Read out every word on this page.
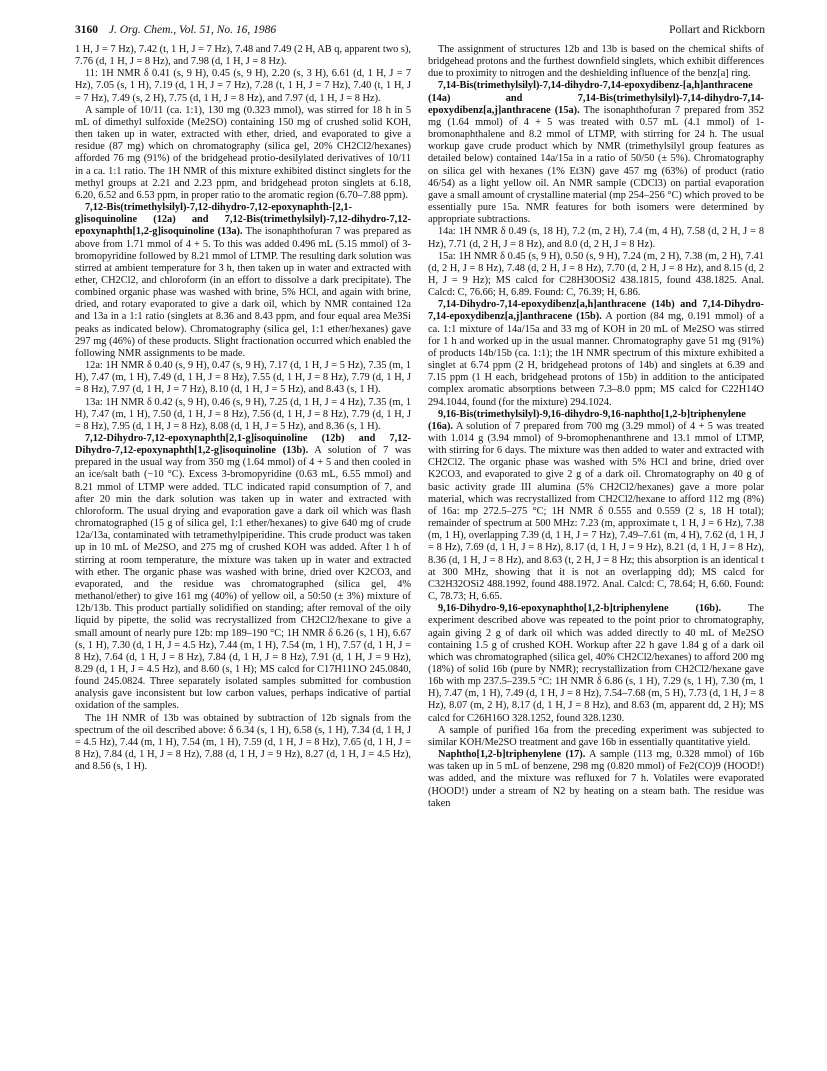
3160 J. Org. Chem., Vol. 51, No. 16, 1986	Pollart and Rickborn

1 H, J = 7 Hz), 7.42 (t, 1 H, J = 7 Hz), 7.48 and 7.49 (2 H, AB q, apparent two s), 7.76 (d, 1 H, J = 8 Hz), and 7.98 (d, 1 H, J = 8 Hz).

11: 1H NMR δ 0.41 (s, 9 H), 0.45 (s, 9 H), 2.20 (s, 3 H), 6.61 (d, 1 H, J = 7 Hz), 7.05 (s, 1 H), 7.19 (d, 1 H, J = 7 Hz), 7.28 (t, 1 H, J = 7 Hz), 7.40 (t, 1 H, J = 7 Hz), 7.49 (s, 2 H), 7.75 (d, 1 H, J = 8 Hz), and 7.97 (d, 1 H, J = 8 Hz).

A sample of 10/11 (ca. 1:1), 130 mg (0.323 mmol), was stirred for 18 h in 5 mL of dimethyl sulfoxide (Me2SO) containing 150 mg of crushed solid KOH, then taken up in water, extracted with ether, dried, and evaporated to give a residue (87 mg) which on chromatography (silica gel, 20% CH2Cl2/hexanes) afforded 76 mg (91%) of the bridgehead protio-desilylated derivatives of 10/11 in a ca. 1:1 ratio. The 1H NMR of this mixture exhibited distinct singlets for the methyl groups at 2.21 and 2.23 ppm, and bridgehead proton singlets at 6.18, 6.20, 6.52 and 6.53 ppm, in proper ratio to the aromatic region (6.70–7.88 ppm).

7,12-Bis(trimethylsilyl)-7,12-dihydro-7,12-epoxynaphth-[2,1-g]isoquinoline (12a) and 7,12-Bis(trimethylsilyl)-7,12-dihydro-7,12-epoxynaphth[1,2-g]isoquinoline (13a). The isonaphthofuran 7 was prepared as above from 1.71 mmol of 4 + 5. To this was added 0.496 mL (5.15 mmol) of 3-bromopyridine followed by 8.21 mmol of LTMP. The resulting dark solution was stirred at ambient temperature for 3 h, then taken up in water and extracted with ether, CH2Cl2, and chloroform (in an effort to dissolve a dark precipitate). The combined organic phase was washed with brine, 5% HCl, and again with brine, dried, and rotary evaporated to give a dark oil, which by NMR contained 12a and 13a in a 1:1 ratio (singlets at 8.36 and 8.43 ppm, and four equal area Me3Si peaks as indicated below). Chromatography (silica gel, 1:1 ether/hexanes) gave 297 mg (46%) of these products. Slight fractionation occurred which enabled the following NMR assignments to be made.

12a: 1H NMR δ 0.40 (s, 9 H), 0.47 (s, 9 H), 7.17 (d, 1 H, J = 5 Hz), 7.35 (m, 1 H), 7.47 (m, 1 H), 7.49 (d, 1 H, J = 8 Hz), 7.55 (d, 1 H, J = 8 Hz), 7.79 (d, 1 H, J = 8 Hz), 7.97 (d, 1 H, J = 7 Hz), 8.10 (d, 1 H, J = 5 Hz), and 8.43 (s, 1 H).

13a: 1H NMR δ 0.42 (s, 9 H), 0.46 (s, 9 H), 7.25 (d, 1 H, J = 4 Hz), 7.35 (m, 1 H), 7.47 (m, 1 H), 7.50 (d, 1 H, J = 8 Hz), 7.56 (d, 1 H, J = 8 Hz), 7.79 (d, 1 H, J = 8 Hz), 7.95 (d, 1 H, J = 8 Hz), 8.08 (d, 1 H, J = 5 Hz), and 8.36 (s, 1 H).

7,12-Dihydro-7,12-epoxynaphth[2,1-g]isoquinoline (12b) and 7,12-Dihydro-7,12-epoxynaphth[1,2-g]isoquinoline (13b). A solution of 7 was prepared in the usual way from 350 mg (1.64 mmol) of 4 + 5 and then cooled in an ice/salt bath (−10 °C). Excess 3-bromopyridine (0.63 mL, 6.55 mmol) and 8.21 mmol of LTMP were added. TLC indicated rapid consumption of 7, and after 20 min the dark solution was taken up in water and extracted with chloroform. The usual drying and evaporation gave a dark oil which was flash chromatographed (15 g of silica gel, 1:1 ether/hexanes) to give 640 mg of crude 12a/13a, contaminated with tetramethylpiperidine. This crude product was taken up in 10 mL of Me2SO, and 275 mg of crushed KOH was added. After 1 h of stirring at room temperature, the mixture was taken up in water and extracted with ether. The organic phase was washed with brine, dried over K2CO3, and evaporated, and the residue was chromatographed (silica gel, 4% methanol/ether) to give 161 mg (40%) of yellow oil, a 50:50 (± 3%) mixture of 12b/13b. This product partially solidified on standing; after removal of the oily liquid by pipette, the solid was recrystallized from CH2Cl2/hexane to give a small amount of nearly pure 12b: mp 189–190 °C; 1H NMR δ 6.26 (s, 1 H), 6.67 (s, 1 H), 7.30 (d, 1 H, J = 4.5 Hz), 7.44 (m, 1 H), 7.54 (m, 1 H), 7.57 (d, 1 H, J = 8 Hz), 7.64 (d, 1 H, J = 8 Hz), 7.84 (d, 1 H, J = 8 Hz), 7.91 (d, 1 H, J = 9 Hz), 8.29 (d, 1 H, J = 4.5 Hz), and 8.60 (s, 1 H); MS calcd for C17H11NO 245.0840, found 245.0824. Three separately isolated samples submitted for combustion analysis gave inconsistent but low carbon values, perhaps indicative of partial oxidation of the samples.

The 1H NMR of 13b was obtained by subtraction of 12b signals from the spectrum of the oil described above: δ 6.34 (s, 1 H), 6.58 (s, 1 H), 7.34 (d, 1 H, J = 4.5 Hz), 7.44 (m, 1 H), 7.54 (m, 1 H), 7.59 (d, 1 H, J = 8 Hz), 7.65 (d, 1 H, J = 8 Hz), 7.84 (d, 1 H, J = 8 Hz), 7.88 (d, 1 H, J = 9 Hz), 8.27 (d, 1 H, J = 4.5 Hz), and 8.56 (s, 1 H).

The assignment of structures 12b and 13b is based on the chemical shifts of bridgehead protons and the furthest downfield singlets, which exhibit differences due to proximity to nitrogen and the deshielding influence of the benz[a] ring.

7,14-Bis(trimethylsilyl)-7,14-dihydro-7,14-epoxydibenz-[a,h]anthracene (14a) and 7,14-Bis(trimethylsilyl)-7,14-dihydro-7,14-epoxydibenz[a,j]anthracene (15a). The isonaphthofuran 7 prepared from 352 mg (1.64 mmol) of 4 + 5 was treated with 0.57 mL (4.1 mmol) of 1-bromonaphthalene and 8.2 mmol of LTMP, with stirring for 24 h. The usual workup gave crude product which by NMR (trimethylsilyl group features as detailed below) contained 14a/15a in a ratio of 50/50 (± 5%). Chromatography on silica gel with hexanes (1% Et3N) gave 457 mg (63%) of product (ratio 46/54) as a light yellow oil. An NMR sample (CDCl3) on partial evaporation gave a small amount of crystalline material (mp 254–256 °C) which proved to be essentially pure 15a. NMR features for both isomers were determined by appropriate subtractions.

14a: 1H NMR δ 0.49 (s, 18 H), 7.2 (m, 2 H), 7.4 (m, 4 H), 7.58 (d, 2 H, J = 8 Hz), 7.71 (d, 2 H, J = 8 Hz), and 8.0 (d, 2 H, J = 8 Hz).

15a: 1H NMR δ 0.45 (s, 9 H), 0.50 (s, 9 H), 7.24 (m, 2 H), 7.38 (m, 2 H), 7.41 (d, 2 H, J = 8 Hz), 7.48 (d, 2 H, J = 8 Hz), 7.70 (d, 2 H, J = 8 Hz), and 8.15 (d, 2 H, J = 9 Hz); MS calcd for C28H30OSi2 438.1815, found 438.1825. Anal. Calcd: C, 76.66; H, 6.89. Found: C, 76.39; H, 6.86.

7,14-Dihydro-7,14-epoxydibenz[a,h]anthracene (14b) and 7,14-Dihydro-7,14-epoxydibenz[a,j]anthracene (15b). A portion (84 mg, 0.191 mmol) of a ca. 1:1 mixture of 14a/15a and 33 mg of KOH in 20 mL of Me2SO was stirred for 1 h and worked up in the usual manner. Chromatography gave 51 mg (91%) of products 14b/15b (ca. 1:1); the 1H NMR spectrum of this mixture exhibited a singlet at 6.74 ppm (2 H, bridgehead protons of 14b) and singlets at 6.39 and 7.15 ppm (1 H each, bridgehead protons of 15b) in addition to the anticipated complex aromatic absorptions between 7.3–8.0 ppm; MS calcd for C22H14O 294.1044, found (for the mixture) 294.1024.

9,16-Bis(trimethylsilyl)-9,16-dihydro-9,16-naphtho[1,2-b]triphenylene (16a). A solution of 7 prepared from 700 mg (3.29 mmol) of 4 + 5 was treated with 1.014 g (3.94 mmol) of 9-bromophenanthrene and 13.1 mmol of LTMP, with stirring for 6 days. The mixture was then added to water and extracted with CH2Cl2. The organic phase was washed with 5% HCl and brine, dried over K2CO3, and evaporated to give 2 g of a dark oil. Chromatography on 40 g of basic activity grade III alumina (5% CH2Cl2/hexanes) gave a more polar material, which was recrystallized from CH2Cl2/hexane to afford 112 mg (8%) of 16a: mp 272.5–275 °C; 1H NMR δ 0.555 and 0.559 (2 s, 18 H total); remainder of spectrum at 500 MHz: 7.23 (m, approximate t, 1 H, J = 6 Hz), 7.38 (m, 1 H), overlapping 7.39 (d, 1 H, J = 7 Hz), 7.49–7.61 (m, 4 H), 7.62 (d, 1 H, J = 8 Hz), 7.69 (d, 1 H, J = 8 Hz), 8.17 (d, 1 H, J = 9 Hz), 8.21 (d, 1 H, J = 8 Hz), 8.36 (d, 1 H, J = 8 Hz), and 8.63 (t, 2 H, J = 8 Hz; this absorption is an identical t at 300 MHz, showing that it is not an overlapping dd); MS calcd for C32H32OSi2 488.1992, found 488.1972. Anal. Calcd: C, 78.64; H, 6.60. Found: C, 78.73; H, 6.65.

9,16-Dihydro-9,16-epoxynaphtho[1,2-b]triphenylene (16b).	The experiment described above was repeated to the point prior to chromatography, again giving 2 g of dark oil which was added directly to 40 mL of Me2SO containing 1.5 g of crushed KOH. Workup after 22 h gave 1.84 g of a dark oil which was chromatographed (silica gel, 40% CH2Cl2/hexanes) to afford 200 mg (18%) of solid 16b (pure by NMR); recrystallization from CH2Cl2/hexane gave 16b with mp 237.5–239.5 °C: 1H NMR δ 6.86 (s, 1 H), 7.29 (s, 1 H), 7.30 (m, 1 H), 7.47 (m, 1 H), 7.49 (d, 1 H, J = 8 Hz), 7.54–7.68 (m, 5 H), 7.73 (d, 1 H, J = 8 Hz), 8.07 (m, 2 H), 8.17 (d, 1 H, J = 8 Hz), and 8.63 (m, apparent dd, 2 H); MS calcd for C26H16O 328.1252, found 328.1230.

A sample of purified 16a from the preceding experiment was subjected to similar KOH/Me2SO treatment and gave 16b in essentially quantitative yield.

Naphtho[1,2-b]triphenylene (17). A sample (113 mg, 0.328 mmol) of 16b was taken up in 5 mL of benzene, 298 mg (0.820 mmol) of Fe2(CO)9 (HOOD!) was added, and the mixture was refluxed for 7 h. Volatiles were evaporated (HOOD!) under a stream of N2 by heating on a steam bath. The residue was taken
